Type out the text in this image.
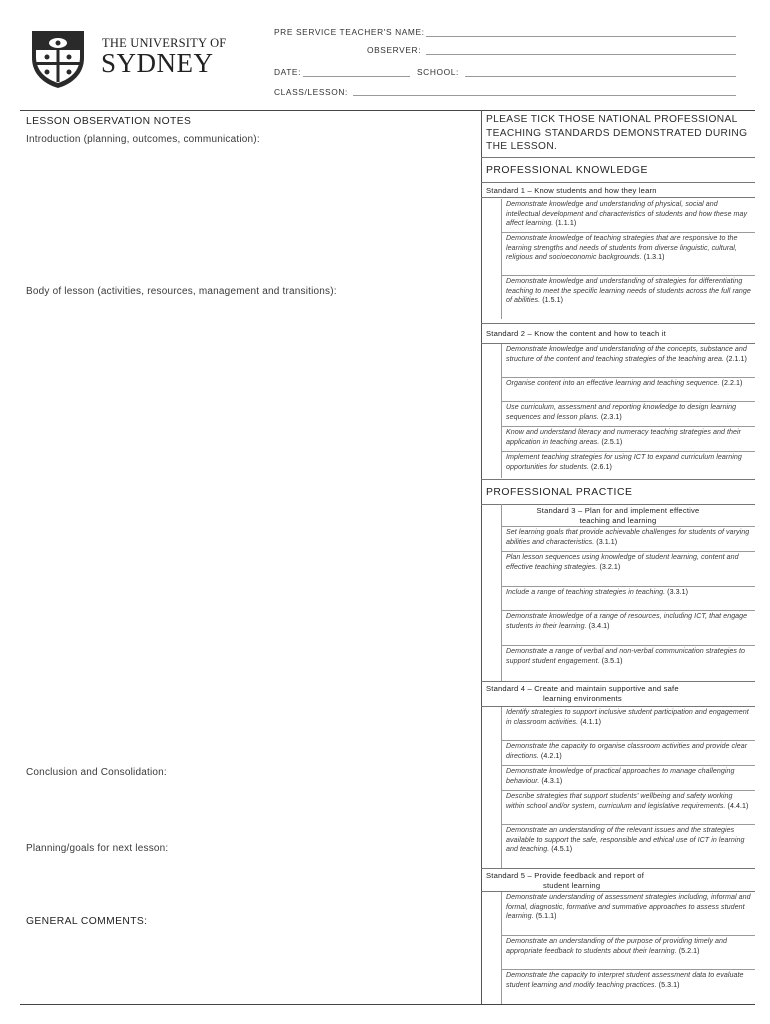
THE UNIVERSITY OF
SYDNEY
PRE SERVICE TEACHER'S NAME:
OBSERVER:
DATE:	SCHOOL:
CLASS/LESSON:
LESSON OBSERVATION NOTES
Introduction (planning, outcomes, communication):
Body of lesson (activities, resources, management and transitions):
Conclusion and Consolidation:
Planning/goals for next lesson:
GENERAL COMMENTS:
PLEASE TICK THOSE NATIONAL PROFESSIONAL TEACHING STANDARDS DEMONSTRATED DURING THE LESSON.
PROFESSIONAL KNOWLEDGE
Standard 1 – Know students and how they learn
Demonstrate knowledge and understanding of physical, social and intellectual development and characteristics of students and how these may affect learning. (1.1.1)
Demonstrate knowledge of teaching strategies that are responsive to the learning strengths and needs of students from diverse linguistic, cultural, religious and socioeconomic backgrounds. (1.3.1)
Demonstrate knowledge and understanding of strategies for differentiating teaching to meet the specific learning needs of students across the full range of abilities. (1.5.1)
Standard 2 – Know the content and how to teach it
Demonstrate knowledge and understanding of the concepts, substance and structure of the content and teaching strategies of the teaching area. (2.1.1)
Organise content into an effective learning and teaching sequence. (2.2.1)
Use curriculum, assessment and reporting knowledge to design learning sequences and lesson plans. (2.3.1)
Know and understand literacy and numeracy teaching strategies and their application in teaching areas. (2.5.1)
Implement teaching strategies for using ICT to expand curriculum learning opportunities for students. (2.6.1)
PROFESSIONAL PRACTICE
Standard 3 – Plan for and implement effective
teaching and learning
Set learning goals that provide achievable challenges for students of varying abilities and characteristics. (3.1.1)
Plan lesson sequences using knowledge of student learning, content and effective teaching strategies. (3.2.1)
Include a range of teaching strategies in teaching. (3.3.1)
Demonstrate knowledge of a range of resources, including ICT, that engage students in their learning. (3.4.1)
Demonstrate a range of verbal and non-verbal communication strategies to support student engagement. (3.5.1)
Standard 4 – Create and maintain supportive and safe
learning environments
Identify strategies to support inclusive student participation and engagement in classroom activities. (4.1.1)
Demonstrate the capacity to organise classroom activities and provide clear directions. (4.2.1)
Demonstrate knowledge of practical approaches to manage challenging behaviour. (4.3.1)
Describe strategies that support students' wellbeing and safety working within school and/or system, curriculum and legislative requirements. (4.4.1)
Demonstrate an understanding of the relevant issues and the strategies available to support the safe, responsible and ethical use of ICT in learning and teaching. (4.5.1)
Standard 5 – Provide feedback and report of
student learning
Demonstrate understanding of assessment strategies including, informal and formal, diagnostic, formative and summative approaches to assess student learning. (5.1.1)
Demonstrate an understanding of the purpose of providing timely and appropriate feedback to students about their learning. (5.2.1)
Demonstrate the capacity to interpret student assessment data to evaluate student learning and modify teaching practices. (5.3.1)
